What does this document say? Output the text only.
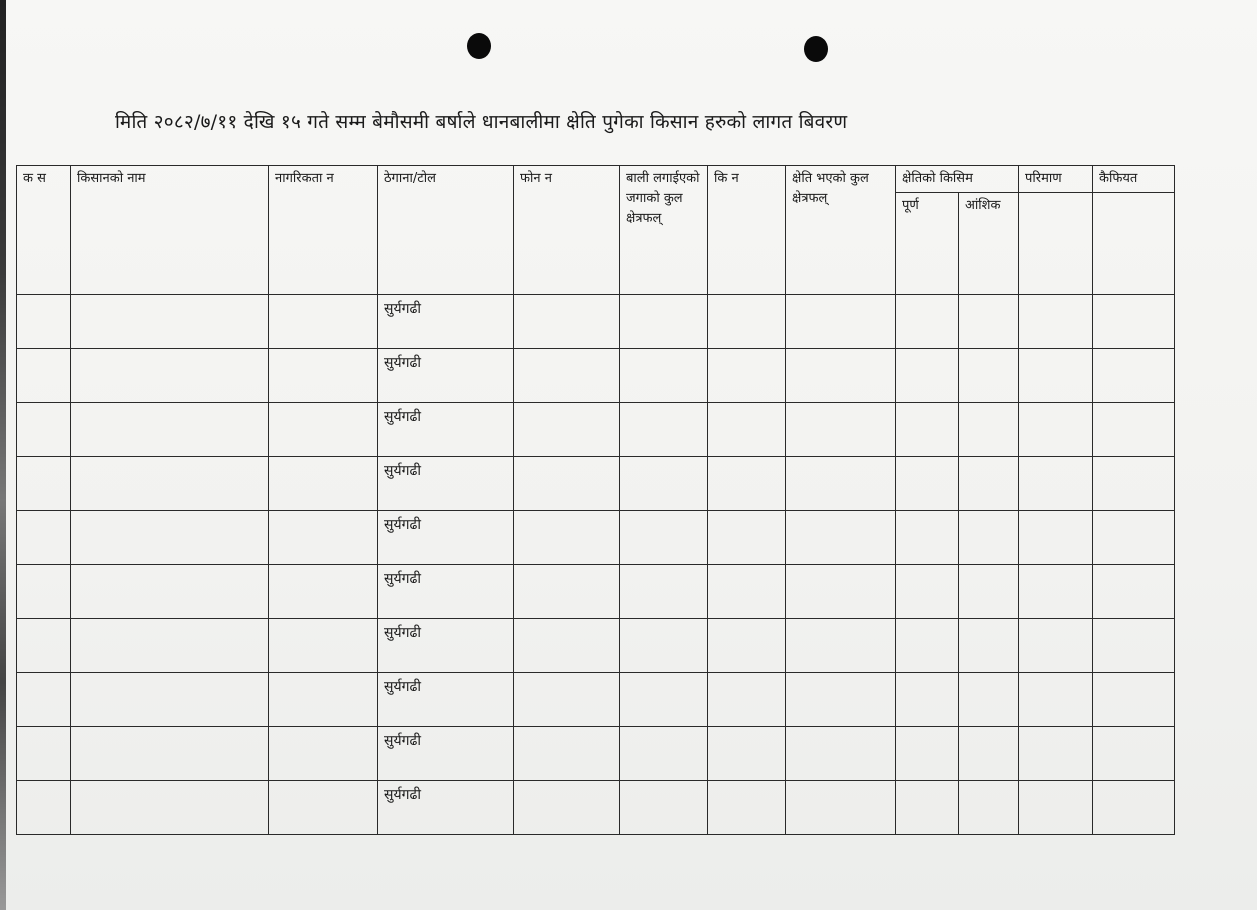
मिति २०८२/७/११ देखि १५ गते सम्म बेमौसमी बर्षाले धानबालीमा क्षेति पुगेका किसान हरुको लागत बिवरण
क स	किसानको नाम	नागरिकता न	ठेगाना/टोल	फोन न	बाली लगाईएको जगाको कुल क्षेत्रफल्	कि न	क्षेति भएको कुल क्षेत्रफल्	क्षेतिको किसिम		परिमाण	कैफियत
								पूर्ण	आंशिक		
			सुर्यगढी								
			सुर्यगढी								
			सुर्यगढी								
			सुर्यगढी								
			सुर्यगढी								
			सुर्यगढी								
			सुर्यगढी								
			सुर्यगढी								
			सुर्यगढी								
			सुर्यगढी								
